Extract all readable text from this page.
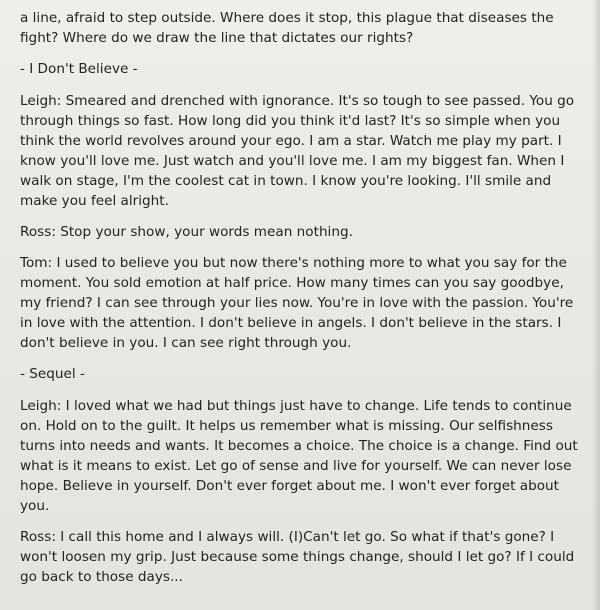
a line, afraid to step outside. Where does it stop, this plague that diseases the fight? Where do we draw the line that dictates our rights?

- I Don't Believe -

Leigh: Smeared and drenched with ignorance. It's so tough to see passed. You go through things so fast. How long did you think it'd last? It's so simple when you think the world revolves around your ego. I am a star. Watch me play my part. I know you'll love me. Just watch and you'll love me. I am my biggest fan. When I walk on stage, I'm the coolest cat in town. I know you're looking. I'll smile and make you feel alright.

Ross: Stop your show, your words mean nothing.

Tom: I used to believe you but now there's nothing more to what you say for the moment. You sold emotion at half price. How many times can you say goodbye, my friend? I can see through your lies now. You're in love with the passion. You're in love with the attention. I don't believe in angels. I don't believe in the stars. I don't believe in you. I can see right through you.

- Sequel -

Leigh: I loved what we had but things just have to change. Life tends to continue on. Hold on to the guilt. It helps us remember what is missing. Our selfishness turns into needs and wants. It becomes a choice. The choice is a change. Find out what is it means to exist. Let go of sense and live for yourself. We can never lose hope. Believe in yourself. Don't ever forget about me. I won't ever forget about you.

Ross: I call this home and I always will. (I)Can't let go. So what if that's gone? I won't loosen my grip. Just because some things change, should I let go? If I could go back to those days...
